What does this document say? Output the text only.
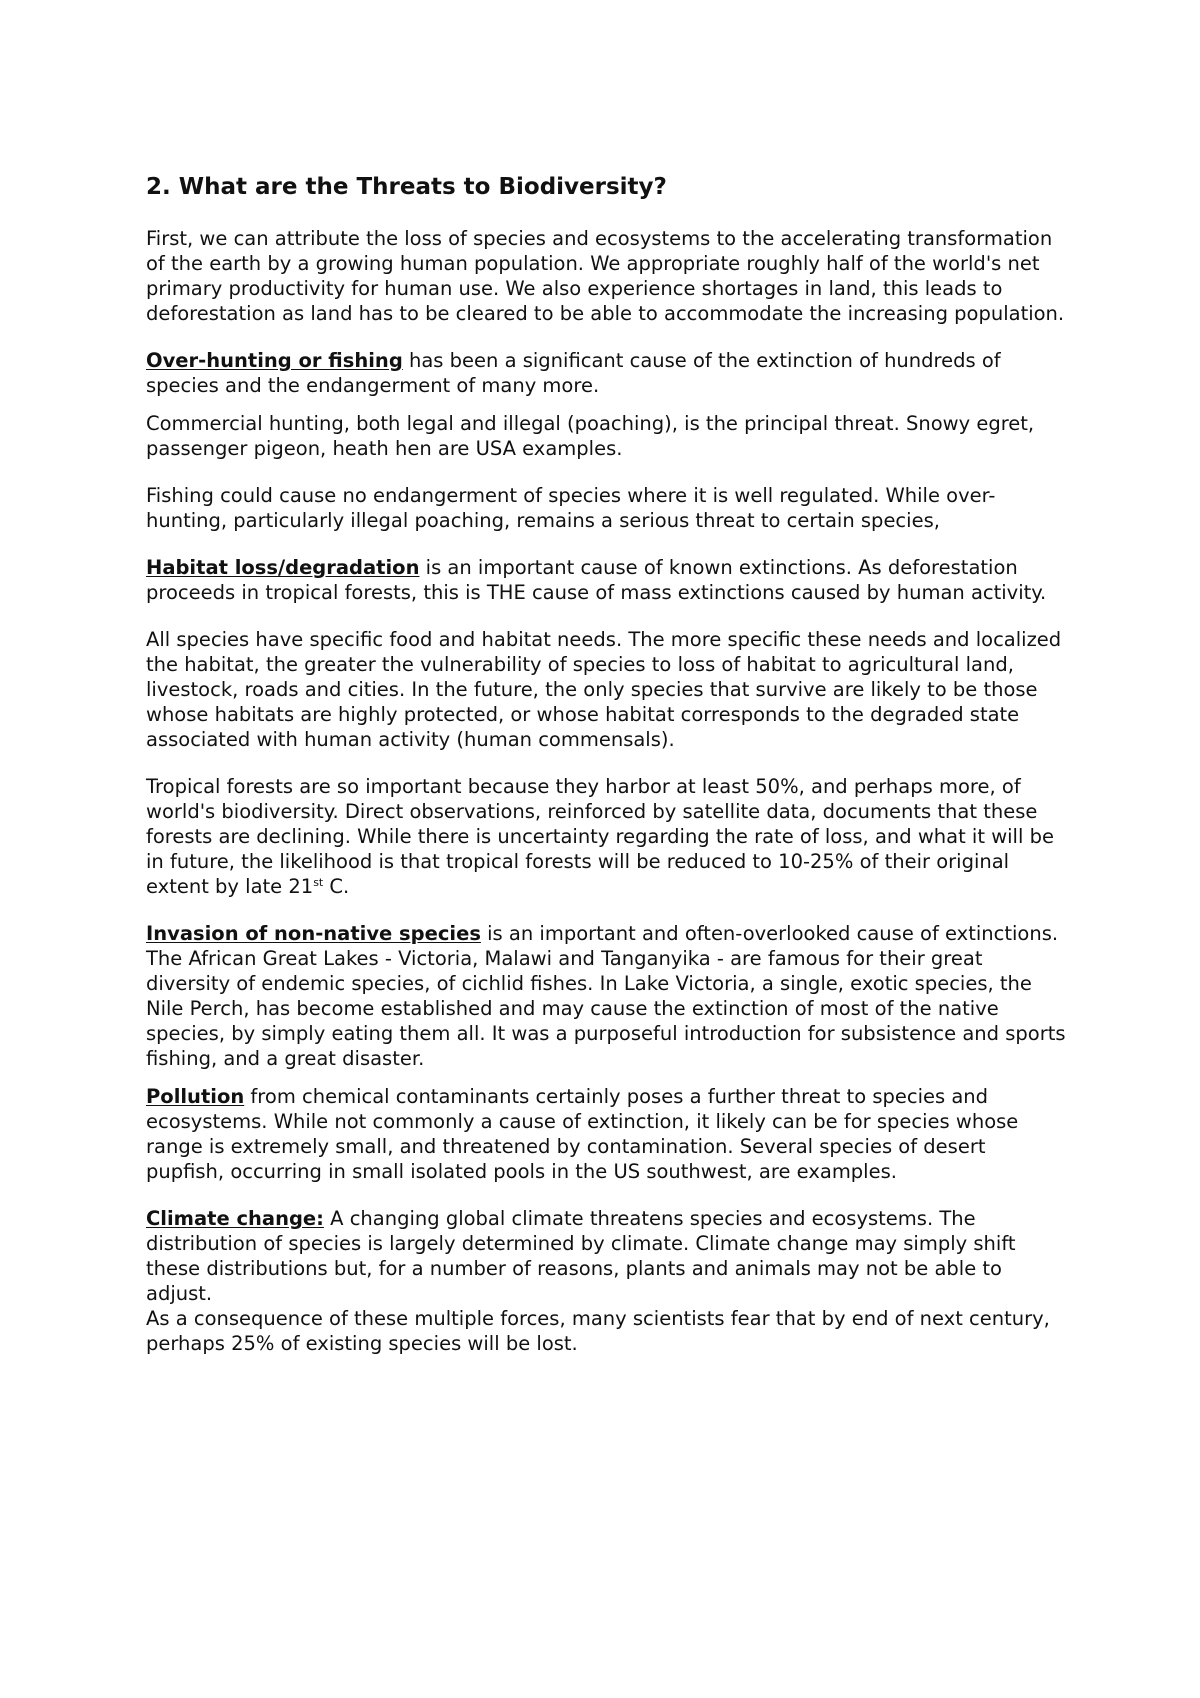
2. What are the Threats to Biodiversity?

First, we can attribute the loss of species and ecosystems to the accelerating transformation of the earth by a growing human population. We appropriate roughly half of the world's net primary productivity for human use. We also experience shortages in land, this leads to deforestation as land has to be cleared to be able to accommodate the increasing population.

Over-hunting or fishing has been a significant cause of the extinction of hundreds of species and the endangerment of many more.

Commercial hunting, both legal and illegal (poaching), is the principal threat. Snowy egret, passenger pigeon, heath hen are USA examples.

Fishing could cause no endangerment of species where it is well regulated. While over-hunting, particularly illegal poaching, remains a serious threat to certain species,

Habitat loss/degradation is an important cause of known extinctions. As deforestation proceeds in tropical forests, this is THE cause of mass extinctions caused by human activity.

All species have specific food and habitat needs. The more specific these needs and localized the habitat, the greater the vulnerability of species to loss of habitat to agricultural land, livestock, roads and cities. In the future, the only species that survive are likely to be those whose habitats are highly protected, or whose habitat corresponds to the degraded state associated with human activity (human commensals).

Tropical forests are so important because they harbor at least 50%, and perhaps more, of world's biodiversity. Direct observations, reinforced by satellite data, documents that these forests are declining. While there is uncertainty regarding the rate of loss, and what it will be in future, the likelihood is that tropical forests will be reduced to 10-25% of their original extent by late 21st C.

Invasion of non-native species is an important and often-overlooked cause of extinctions. The African Great Lakes - Victoria, Malawi and Tanganyika - are famous for their great diversity of endemic species, of cichlid fishes. In Lake Victoria, a single, exotic species, the Nile Perch, has become established and may cause the extinction of most of the native species, by simply eating them all. It was a purposeful introduction for subsistence and sports fishing, and a great disaster.

Pollution from chemical contaminants certainly poses a further threat to species and ecosystems. While not commonly a cause of extinction, it likely can be for species whose range is extremely small, and threatened by contamination. Several species of desert pupfish, occurring in small isolated pools in the US southwest, are examples.

Climate change: A changing global climate threatens species and ecosystems. The distribution of species is largely determined by climate. Climate change may simply shift these distributions but, for a number of reasons, plants and animals may not be able to adjust.

As a consequence of these multiple forces, many scientists fear that by end of next century, perhaps 25% of existing species will be lost.
